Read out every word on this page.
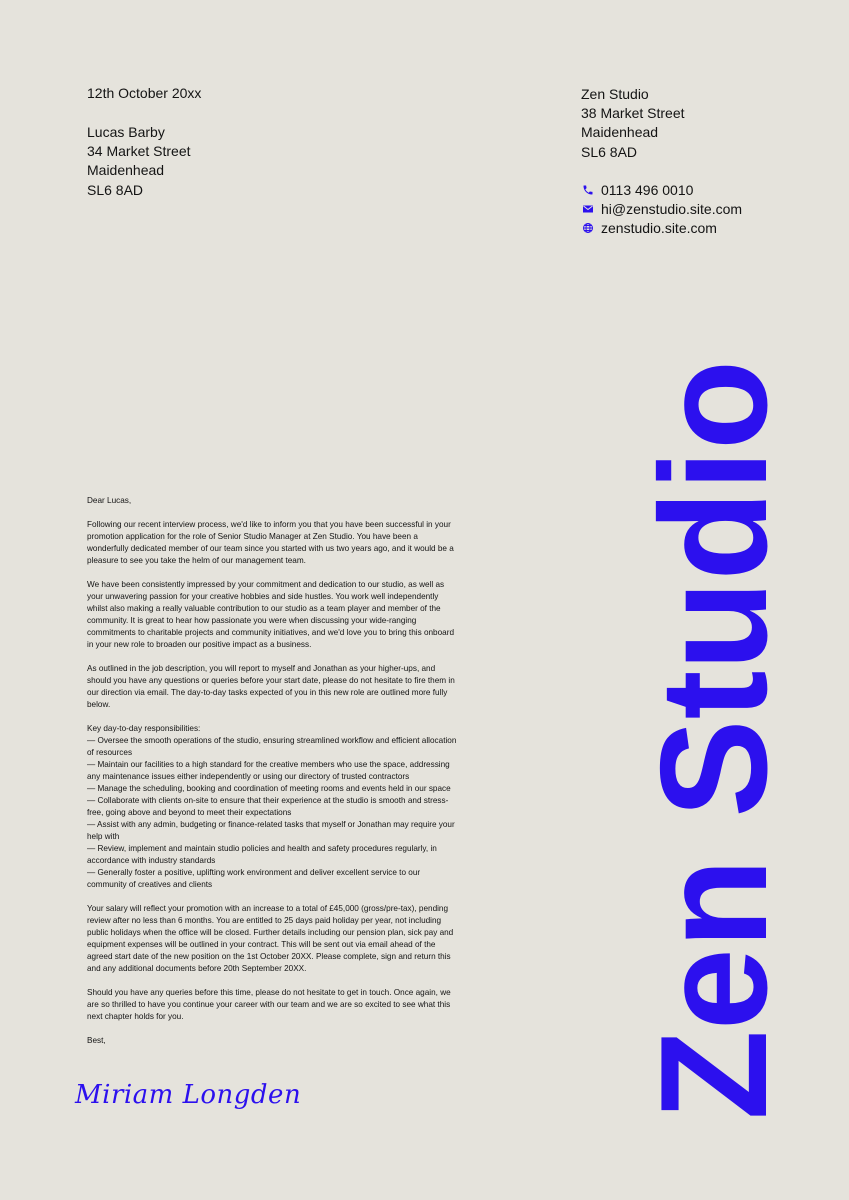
12th October 20xx
Lucas Barby
34 Market Street
Maidenhead
SL6 8AD
Zen Studio
38 Market Street
Maidenhead
SL6 8AD
0113 496 0010
hi@zenstudio.site.com
zenstudio.site.com

Dear Lucas,

Following our recent interview process, we'd like to inform you that you have been successful in your promotion application for the role of Senior Studio Manager at Zen Studio. You have been a wonderfully dedicated member of our team since you started with us two years ago, and it would be a pleasure to see you take the helm of our management team.

We have been consistently impressed by your commitment and dedication to our studio, as well as your unwavering passion for your creative hobbies and side hustles. You work well independently whilst also making a really valuable contribution to our studio as a team player and member of the community. It is great to hear how passionate you were when discussing your wide-ranging commitments to charitable projects and community initiatives, and we'd love you to bring this onboard in your new role to broaden our positive impact as a business.

As outlined in the job description, you will report to myself and Jonathan as your higher-ups, and should you have any questions or queries before your start date, please do not hesitate to fire them in our direction via email. The day-to-day tasks expected of you in this new role are outlined more fully below.

Key day-to-day responsibilities:

— Oversee the smooth operations of the studio, ensuring streamlined workflow and efficient allocation of resources

— Maintain our facilities to a high standard for the creative members who use the space, addressing any maintenance issues either independently or using our directory of trusted contractors

— Manage the scheduling, booking and coordination of meeting rooms and events held in our space

— Collaborate with clients on-site to ensure that their experience at the studio is smooth and stress-free, going above and beyond to meet their expectations

— Assist with any admin, budgeting or finance-related tasks that myself or Jonathan may require your help with

— Review, implement and maintain studio policies and health and safety procedures regularly, in accordance with industry standards

— Generally foster a positive, uplifting work environment and deliver excellent service to our community of creatives and clients

Your salary will reflect your promotion with an increase to a total of £45,000 (gross/pre-tax), pending review after no less than 6 months. You are entitled to 25 days paid holiday per year, not including public holidays when the office will be closed. Further details including our pension plan, sick pay and equipment expenses will be outlined in your contract. This will be sent out via email ahead of the agreed start date of the new position on the 1st October 20XX. Please complete, sign and return this and any additional documents before 20th September 20XX.

Should you have any queries before this time, please do not hesitate to get in touch. Once again, we are so thrilled to have you continue your career with our team and we are so excited to see what this next chapter holds for you.

Best,

Miriam Longden Zen Studio
